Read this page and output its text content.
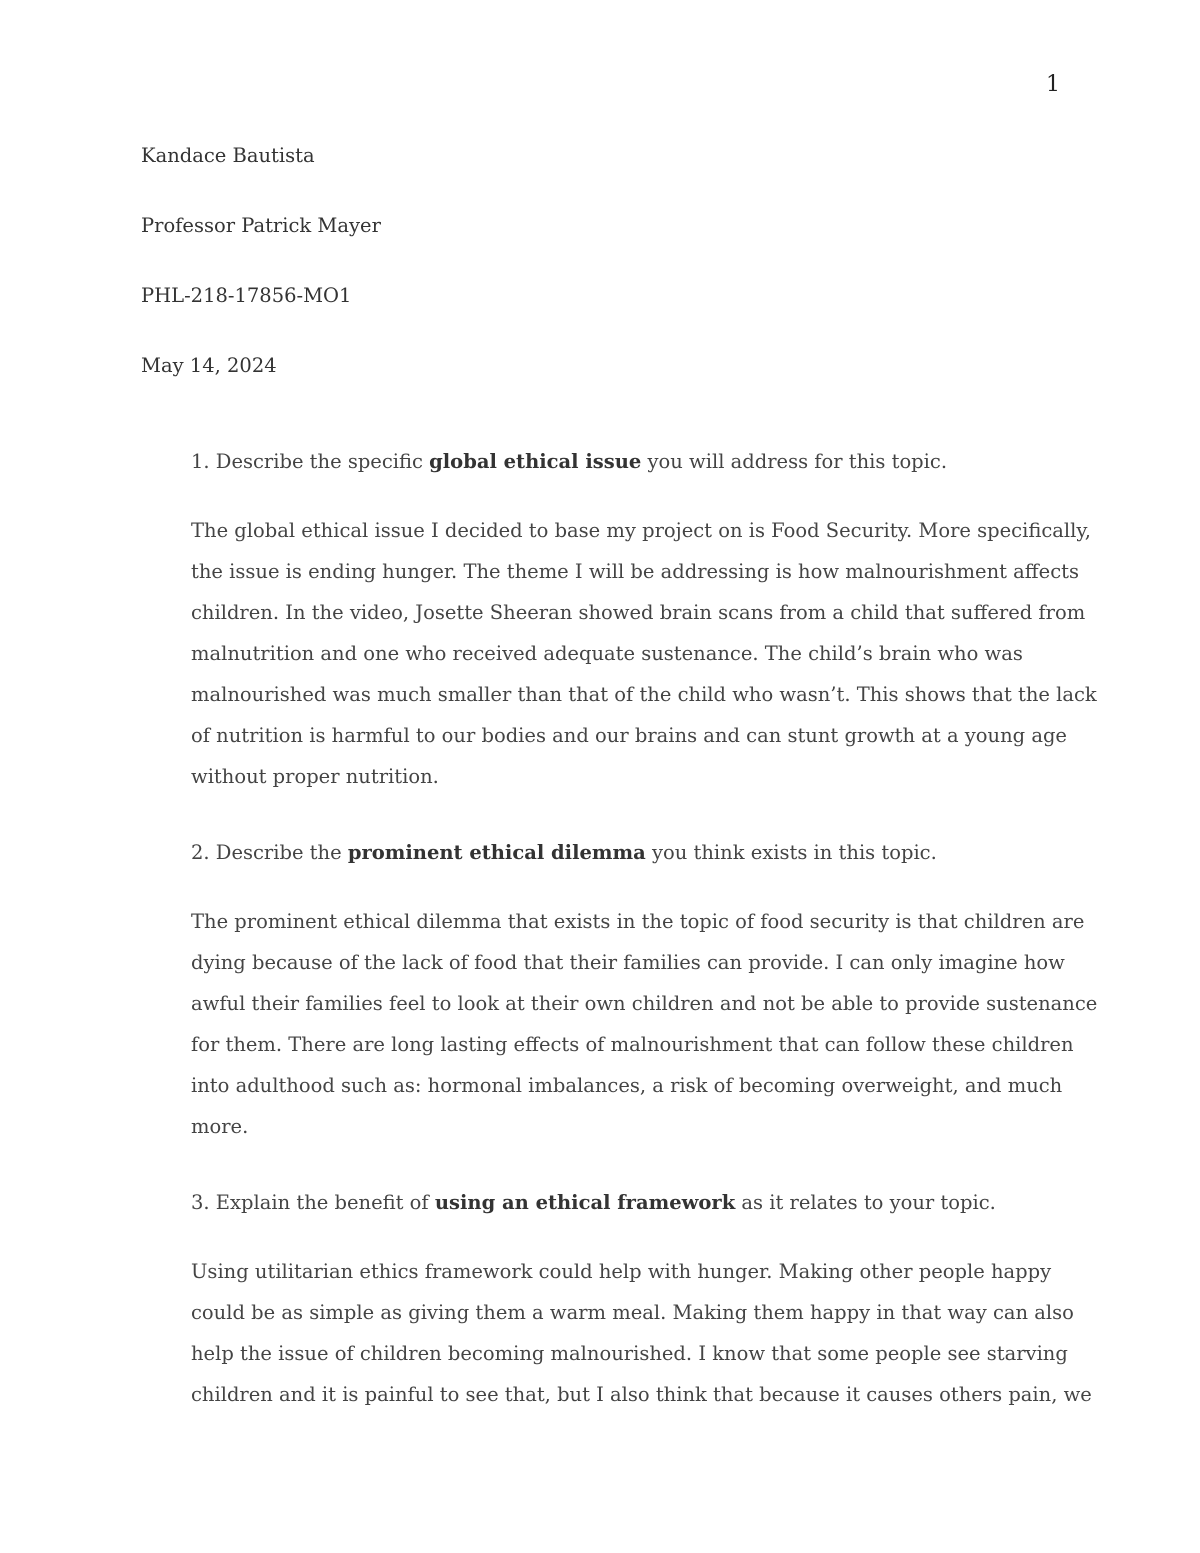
1
Kandace Bautista
Professor Patrick Mayer
PHL-218-17856-MO1
May 14, 2024
1. Describe the specific global ethical issue you will address for this topic.
The global ethical issue I decided to base my project on is Food Security. More specifically,
the issue is ending hunger. The theme I will be addressing is how malnourishment affects
children. In the video, Josette Sheeran showed brain scans from a child that suffered from
malnutrition and one who received adequate sustenance. The child’s brain who was
malnourished was much smaller than that of the child who wasn’t. This shows that the lack
of nutrition is harmful to our bodies and our brains and can stunt growth at a young age
without proper nutrition.
2. Describe the prominent ethical dilemma you think exists in this topic.
The prominent ethical dilemma that exists in the topic of food security is that children are
dying because of the lack of food that their families can provide. I can only imagine how
awful their families feel to look at their own children and not be able to provide sustenance
for them. There are long lasting effects of malnourishment that can follow these children
into adulthood such as: hormonal imbalances, a risk of becoming overweight, and much
more.
3. Explain the benefit of using an ethical framework as it relates to your topic.
Using utilitarian ethics framework could help with hunger. Making other people happy
could be as simple as giving them a warm meal. Making them happy in that way can also
help the issue of children becoming malnourished. I know that some people see starving
children and it is painful to see that, but I also think that because it causes others pain, we
